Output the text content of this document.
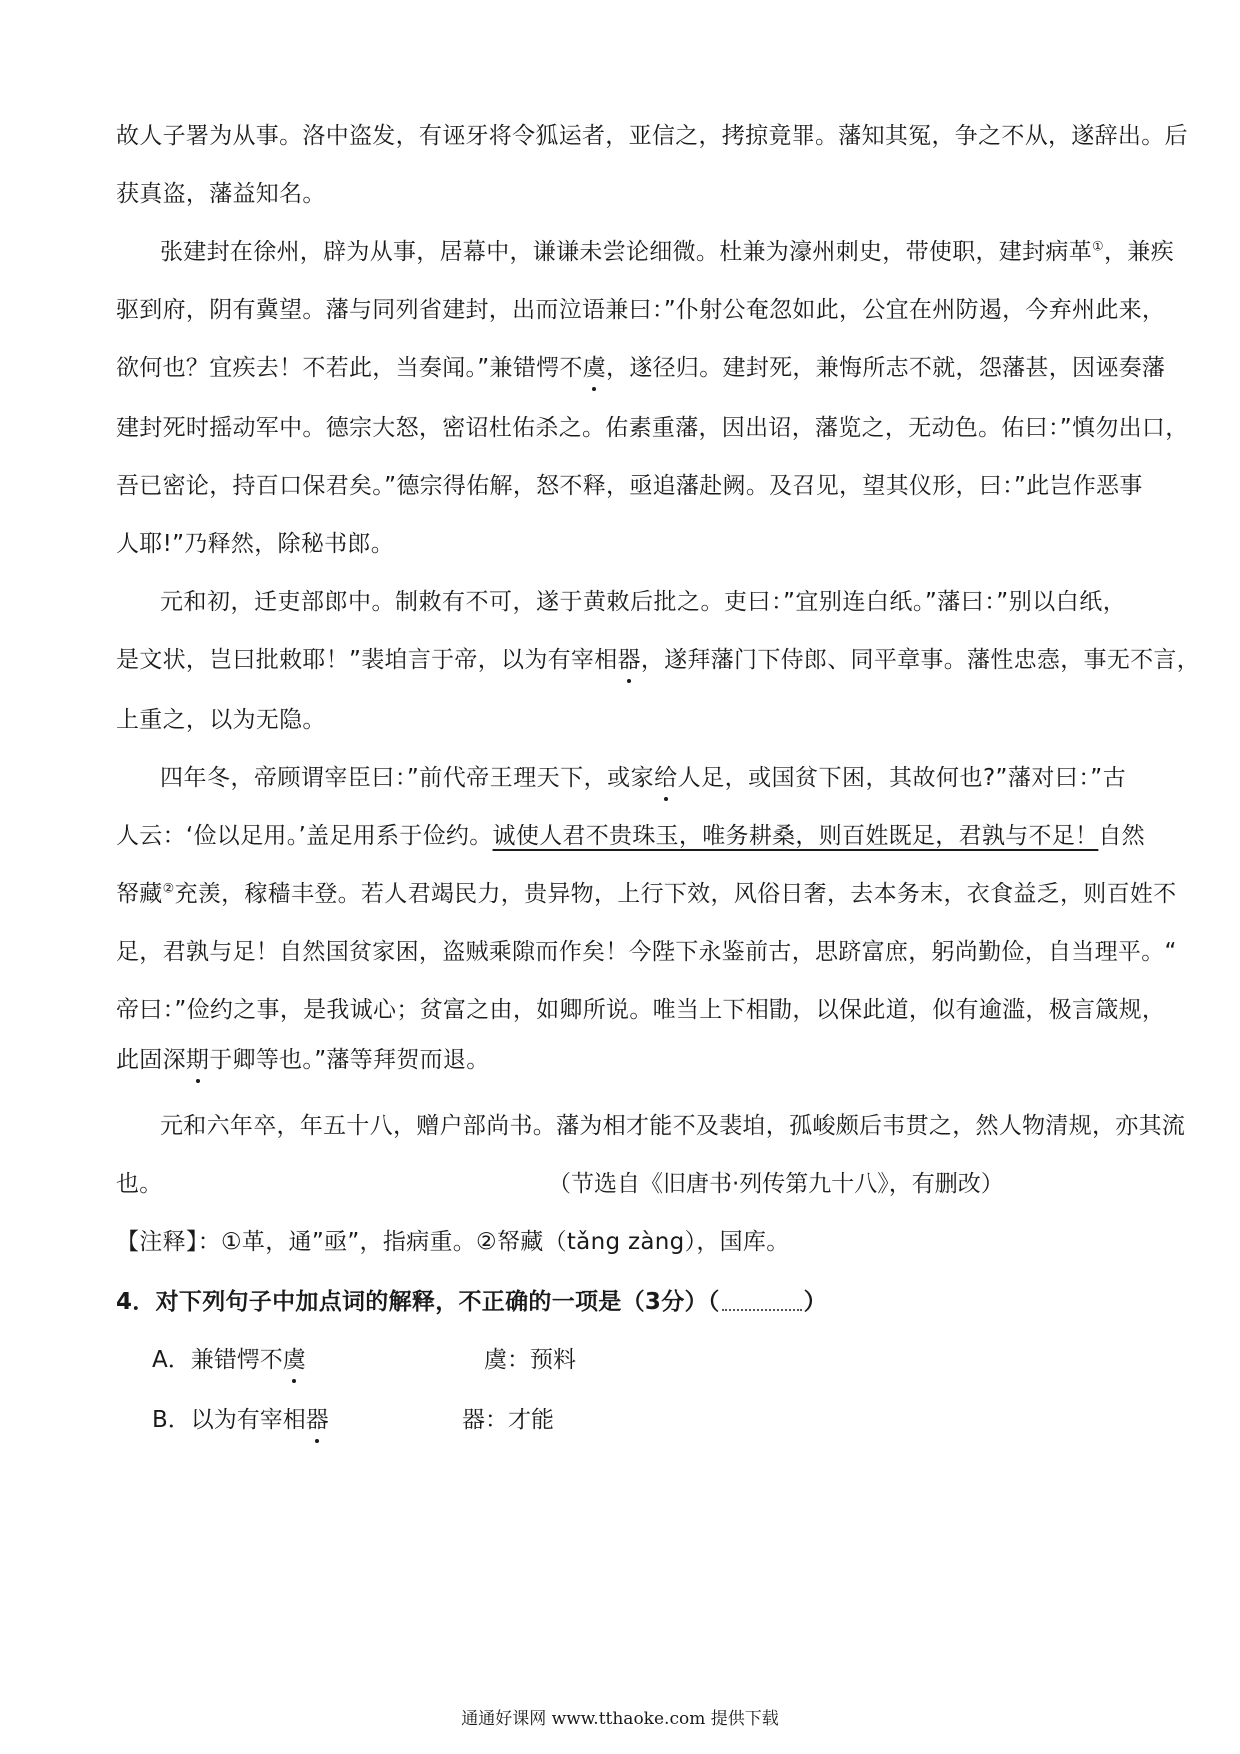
故人子署为从事。洛中盗发，有诬牙将令狐运者，亚信之，拷掠竟罪。藩知其冤，争之不从，遂辞出。后
获真盗，藩益知名。
张建封在徐州，辟为从事，居幕中，谦谦未尝论细微。杜兼为濠州刺史，带使职，建封病革①，兼疾
驱到府，阴有冀望。藩与同列省建封，出而泣语兼曰：”仆射公奄忽如此，公宜在州防遏，今弃州此来，
欲何也？宜疾去！不若此，当奏闻。”兼错愕不虞，遂径归。建封死，兼悔所志不就，怨藩甚，因诬奏藩
建封死时摇动军中。德宗大怒，密诏杜佑杀之。佑素重藩，因出诏，藩览之，无动色。佑曰：”慎勿出口，
吾已密论，持百口保君矣。”德宗得佑解，怒不释，亟追藩赴阙。及召见，望其仪形，曰：”此岂作恶事
人耶!”乃释然，除秘书郎。
元和初，迁吏部郎中。制敕有不可，遂于黄敕后批之。吏曰：”宜别连白纸。”藩曰：”别以白纸，
是文状，岂曰批敕耶！”裴垍言于帝，以为有宰相器，遂拜藩门下侍郎、同平章事。藩性忠悫，事无不言，
上重之，以为无隐。
四年冬，帝顾谓宰臣曰：”前代帝王理天下，或家给人足，或国贫下困，其故何也?”藩对曰：”古
人云：‘俭以足用。’盖足用系于俭约。诚使人君不贵珠玉，唯务耕桑，则百姓既足，君孰与不足！自然
帑藏②充羡，稼穑丰登。若人君竭民力，贵异物，上行下效，风俗日奢，去本务末，衣食益乏，则百姓不
足，君孰与足！自然国贫家困，盗贼乘隙而作矣！今陛下永鉴前古，思跻富庶，躬尚勤俭，自当理平。“
帝曰：”俭约之事，是我诚心；贫富之由，如卿所说。唯当上下相勖，以保此道，似有逾滥，极言箴规，
此固深期于卿等也。”藩等拜贺而退。
元和六年卒，年五十八，赠户部尚书。藩为相才能不及裴垍，孤峻颇后韦贯之，然人物清规，亦其流
也。	（节选自《旧唐书·列传第九十八》，有删改）
【注释】：①革，通”亟”，指病重。②帑藏（tǎng zàng），国库。
4．对下列句子中加点词的解释，不正确的一项是（3分）（	）
A．兼错愕不虞	虞：预料
B．以为有宰相器	器：才能
通通好课网 www.tthaoke.com 提供下载
